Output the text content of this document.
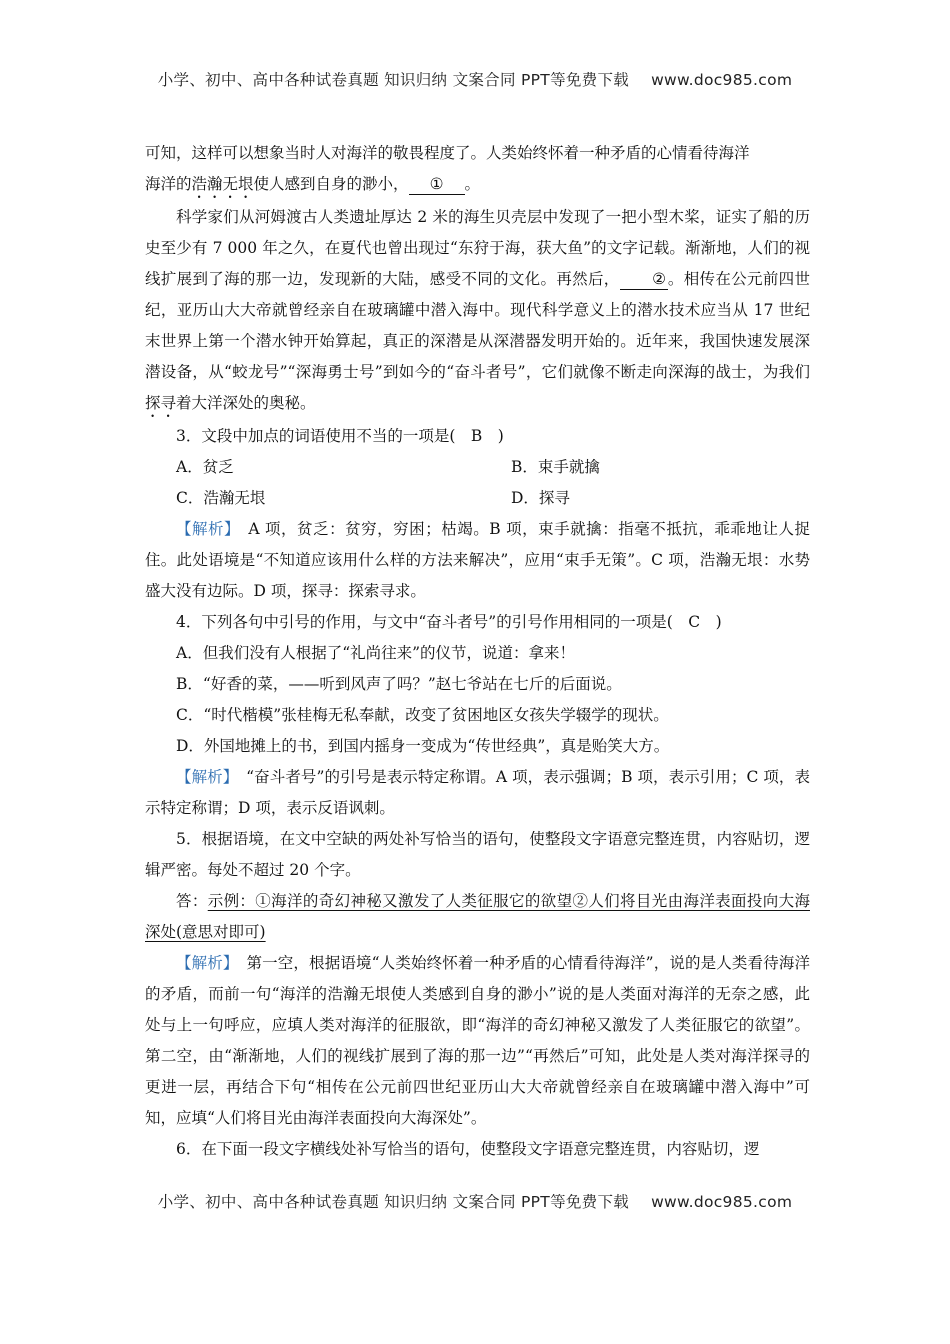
小学、初中、高中各种试卷真题 知识归纳 文案合同 PPT等免费下载 www.doc985.com

可知，这样可以想象当时人对海洋的敬畏程度了。人类始终怀着一种矛盾的心情看待海洋

海洋的浩瀚无垠使人感到自身的渺小， ① 。

科学家们从河姆渡古人类遗址厚达 2 米的海生贝壳层中发现了一把小型木桨，证实了船的历史至少有 7 000 年之久，在夏代也曾出现过“东狩于海，获大鱼”的文字记载。渐渐地，人们的视线扩展到了海的那一边，发现新的大陆，感受不同的文化。再然后， ②。相传在公元前四世纪，亚历山大大帝就曾经亲自在玻璃罐中潜入海中。现代科学意义上的潜水技术应当从 17 世纪末世界上第一个潜水钟开始算起，真正的深潜是从深潜器发明开始的。近年来，我国快速发展深潜设备，从“蛟龙号”“深海勇士号”到如今的“奋斗者号”，它们就像不断走向深海的战士，为我们探寻着大洋深处的奥秘。

3．文段中加点的词语使用不当的一项是(　B　)

A．贫乏	B．束手就擒
C．浩瀚无垠	D．探寻

【解析】　A 项，贫乏：贫穷，穷困；枯竭。B 项，束手就擒：指毫不抵抗，乖乖地让人捉住。此处语境是“不知道应该用什么样的方法来解决”，应用“束手无策”。C 项，浩瀚无垠：水势盛大没有边际。D 项，探寻：探索寻求。

4．下列各句中引号的作用，与文中“奋斗者号”的引号作用相同的一项是(　C　)

A．但我们没有人根据了“礼尚往来”的仪节，说道：拿来！

B．“好香的菜，——听到风声了吗？”赵七爷站在七斤的后面说。

C．“时代楷模”张桂梅无私奉献，改变了贫困地区女孩失学辍学的现状。

D．外国地摊上的书，到国内摇身一变成为“传世经典”，真是贻笑大方。

【解析】　“奋斗者号”的引号是表示特定称谓。A 项，表示强调；B 项，表示引用；C 项，表示特定称谓；D 项，表示反语讽刺。

5．根据语境，在文中空缺的两处补写恰当的语句，使整段文字语意完整连贯，内容贴切，逻辑严密。每处不超过 20 个字。

答：示例：①海洋的奇幻神秘又激发了人类征服它的欲望②人们将目光由海洋表面投向大海深处(意思对即可)

【解析】　第一空，根据语境“人类始终怀着一种矛盾的心情看待海洋”，说的是人类看待海洋的矛盾，而前一句“海洋的浩瀚无垠使人类感到自身的渺小”说的是人类面对海洋的无奈之感，此处与上一句呼应，应填人类对海洋的征服欲，即“海洋的奇幻神秘又激发了人类征服它的欲望”。第二空，由“渐渐地，人们的视线扩展到了海的那一边”“再然后”可知，此处是人类对海洋探寻的更进一层，再结合下句“相传在公元前四世纪亚历山大大帝就曾经亲自在玻璃罐中潜入海中”可知，应填“人们将目光由海洋表面投向大海深处”。

6．在下面一段文字横线处补写恰当的语句，使整段文字语意完整连贯，内容贴切，逻

小学、初中、高中各种试卷真题 知识归纳 文案合同 PPT等免费下载 www.doc985.com
